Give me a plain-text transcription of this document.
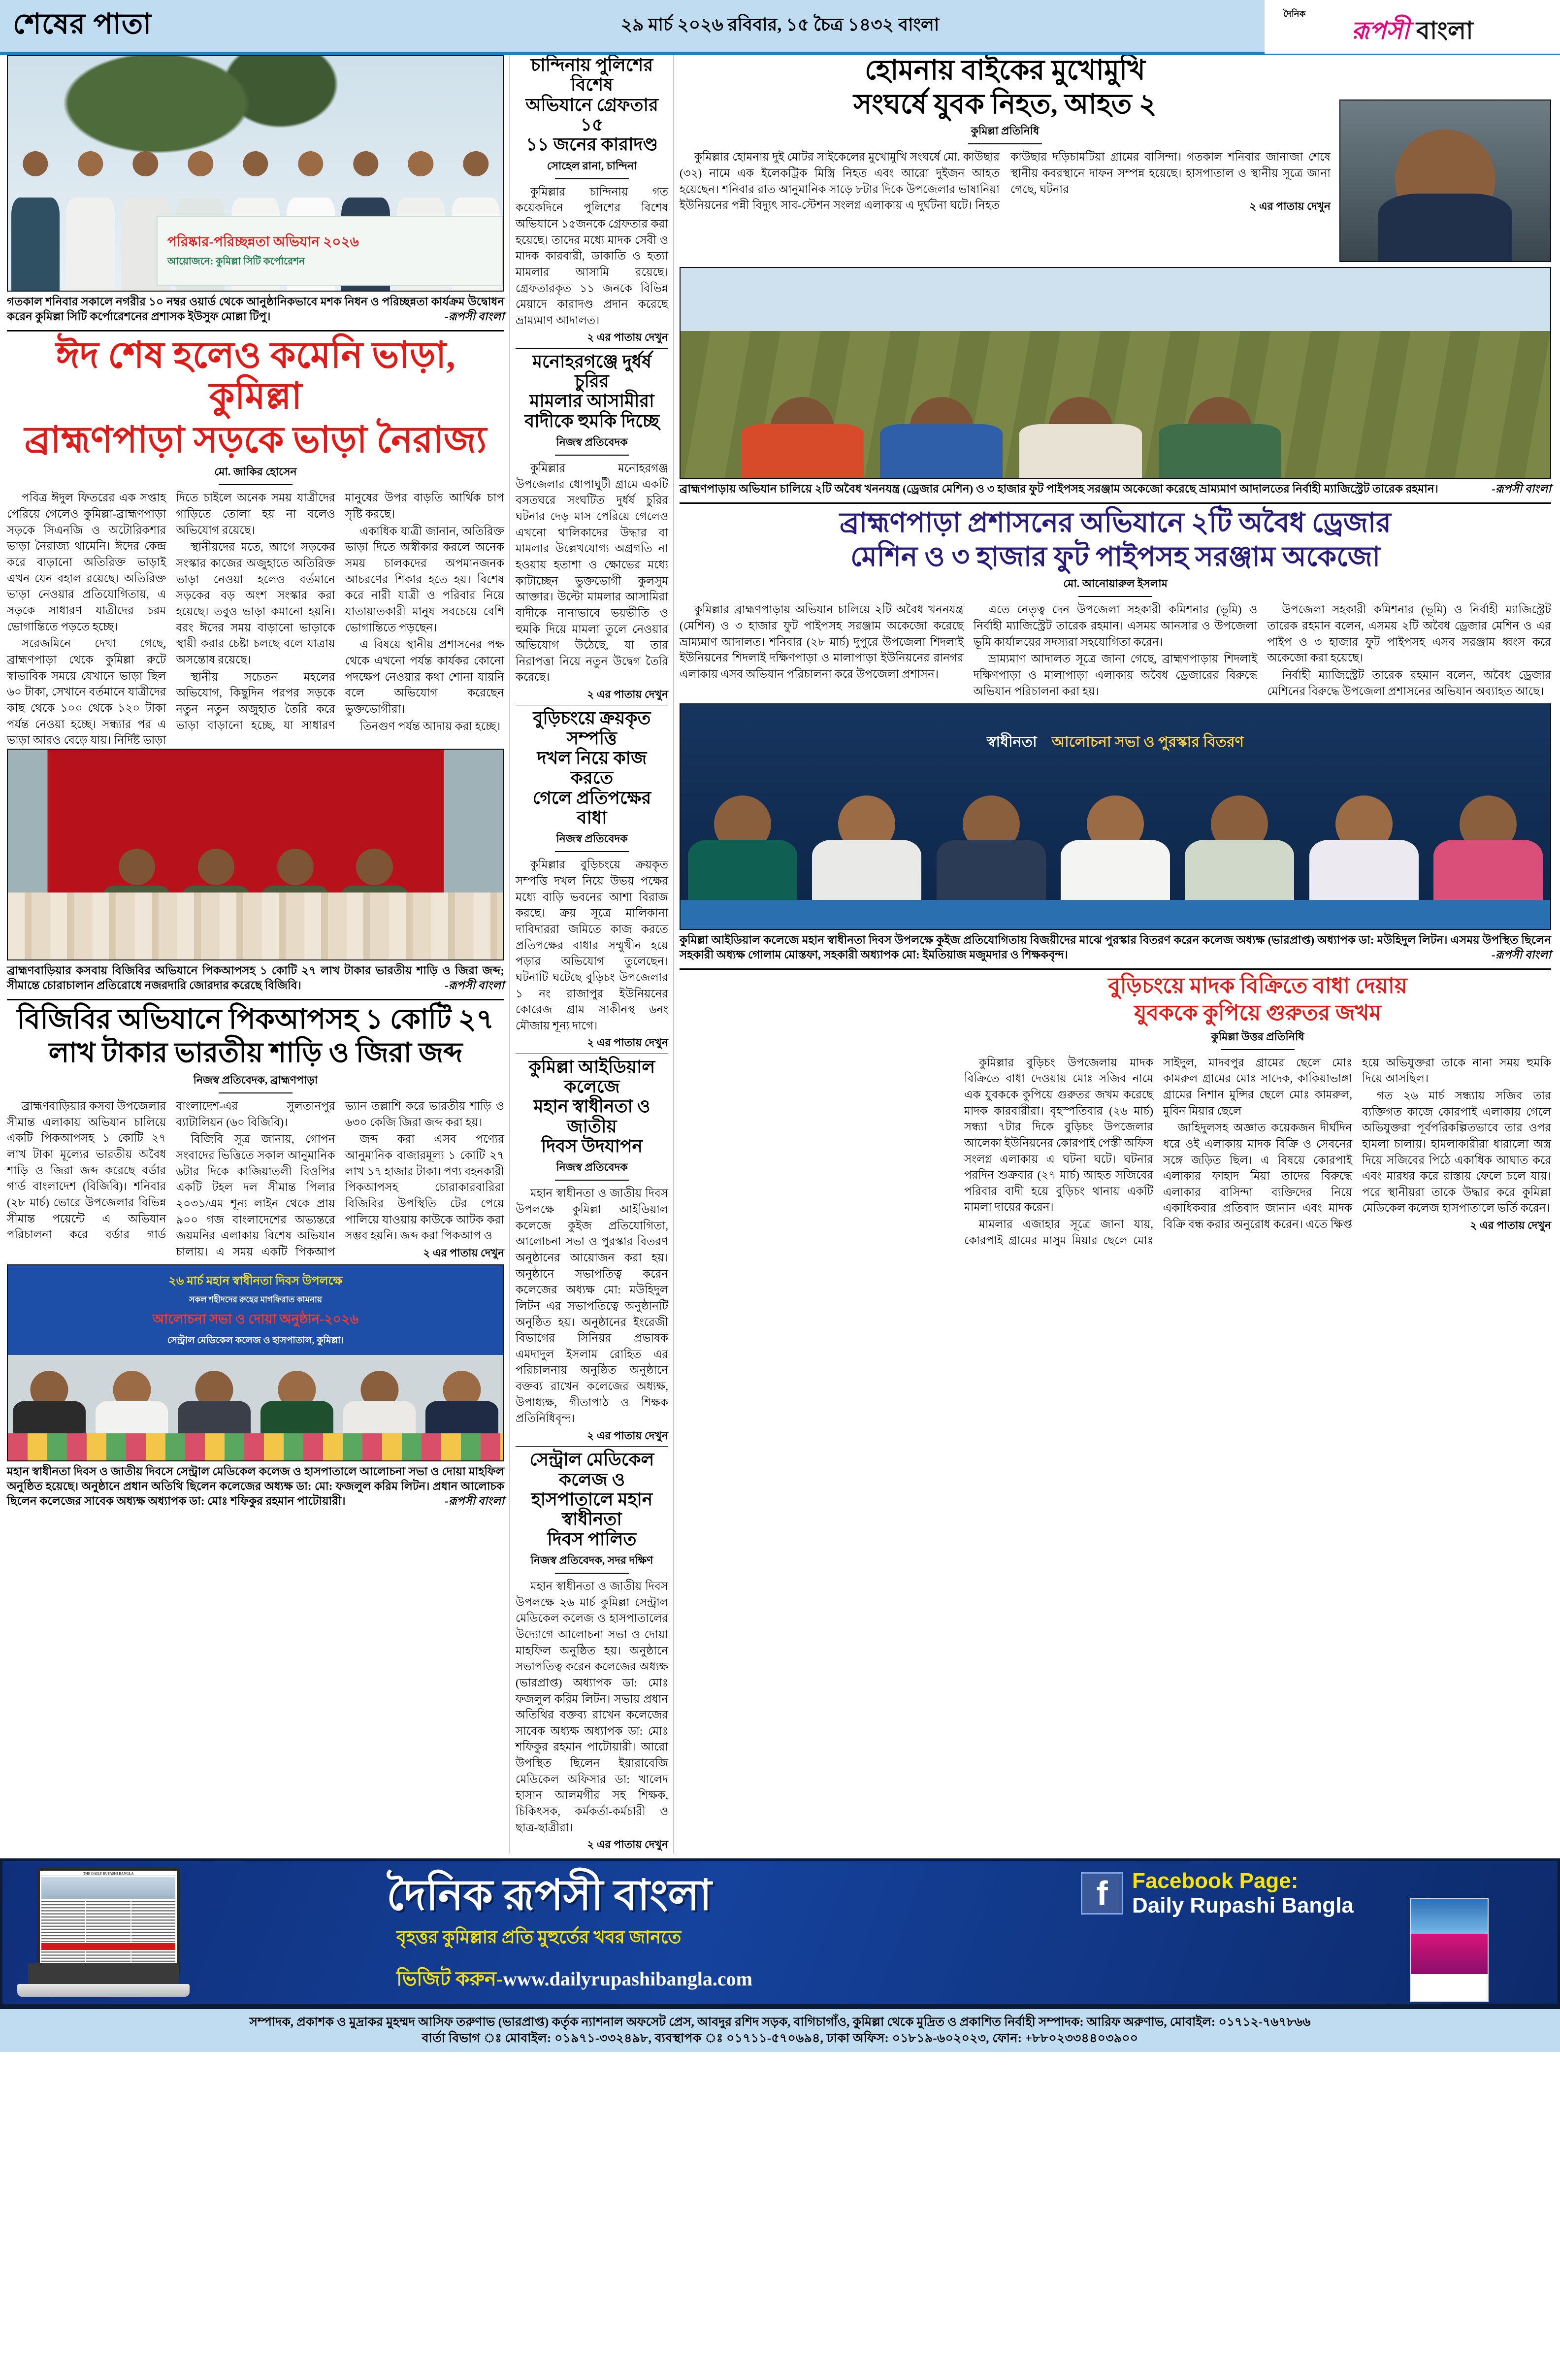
শেষের পাতা	২৯ মার্চ ২০২৬ রবিবার, ১৫ চৈত্র ১৪৩২ বাংলা
দৈনিক
রূপসী বাংলা
পরিষ্কার-পরিচ্ছন্নতা অভিযান ২০২৬
আয়োজনে: কুমিল্লা সিটি কর্পোরেশন
গতকাল শনিবার সকালে নগরীর ১০ নম্বর ওয়ার্ড থেকে আনুষ্ঠানিকভাবে মশক নিধন ও পরিচ্ছন্নতা কার্যক্রম উদ্বোধন করেন কুমিল্লা সিটি কর্পোরেশনের প্রশাসক ইউসুফ মোল্লা টিপু।	-রূপসী বাংলা
ঈদ শেষ হলেও কমেনি ভাড়া, কুমিল্লা
ব্রাহ্মণপাড়া সড়কে ভাড়া নৈরাজ্য
মো. জাকির হোসেন

পবিত্র ঈদুল ফিতরের এক সপ্তাহ পেরিয়ে গেলেও কুমিল্লা-ব্রাহ্মণপাড়া সড়কে সিএনজি ও অটোরিকশার ভাড়া নৈরাজ্য থামেনি। ঈদের কেন্দ্র করে বাড়ানো অতিরিক্ত ভাড়াই এখন যেন বহাল রয়েছে। অতিরিক্ত ভাড়া নেওয়ার প্রতিযোগিতায়, এ সড়কে সাধারণ যাত্রীদের চরম ভোগান্তিতে পড়তে হচ্ছে।

সরেজমিনে দেখা গেছে, ব্রাহ্মণপাড়া থেকে কুমিল্লা রুটে স্বাভাবিক সময়ে যেখানে ভাড়া ছিল ৬০ টাকা, সেখানে বর্তমানে যাত্রীদের কাছ থেকে ১০০ থেকে ১২০ টাকা পর্যন্ত নেওয়া হচ্ছে। সন্ধ্যার পর এ ভাড়া আরও বেড়ে যায়। নির্দিষ্ট ভাড়া দিতে চাইলে অনেক সময় যাত্রীদের গাড়িতে তোলা হয় না বলেও অভিযোগ রয়েছে।

স্থানীয়দের মতে, আগে সড়কের সংস্কার কাজের অজুহাতে অতিরিক্ত ভাড়া নেওয়া হলেও বর্তমানে সড়কের বড় অংশ সংস্কার করা হয়েছে। তবুও ভাড়া কমানো হয়নি। বরং ঈদের সময় বাড়ানো ভাড়াকে স্থায়ী করার চেষ্টা চলছে বলে যাত্রায় অসন্তোষ রয়েছে।

স্থানীয় সচেতন মহলের অভিযোগ, কিছুদিন পরপর সড়কে নতুন নতুন অজুহাত তৈরি করে ভাড়া বাড়ানো হচ্ছে, যা সাধারণ মানুষের উপর বাড়তি আর্থিক চাপ সৃষ্টি করছে।

একাধিক যাত্রী জানান, অতিরিক্ত ভাড়া দিতে অস্বীকার করলে অনেক সময় চালকদের অপমানজনক আচরণের শিকার হতে হয়। বিশেষ করে নারী যাত্রী ও পরিবার নিয়ে যাতায়াতকারী মানুষ সবচেয়ে বেশি ভোগান্তিতে পড়ছেন।

এ বিষয়ে স্থানীয় প্রশাসনের পক্ষ থেকে এখনো পর্যন্ত কার্যকর কোনো পদক্ষেপ নেওয়ার কথা শোনা যায়নি বলে অভিযোগ করেছেন ভুক্তভোগীরা।

তিনগুণ পর্যন্ত আদায় করা হচ্ছে।

ব্রাহ্মণবাড়িয়ার কসবায় বিজিবির অভিযানে পিকআপসহ ১ কোটি ২৭ লাখ টাকার ভারতীয় শাড়ি ও জিরা জব্দ; সীমান্তে চোরাচালান প্রতিরোধে নজরদারি জোরদার করেছে বিজিবি।	-রূপসী বাংলা
বিজিবির অভিযানে পিকআপসহ ১ কোটি ২৭
লাখ টাকার ভারতীয় শাড়ি ও জিরা জব্দ
নিজস্ব প্রতিবেদক, ব্রাহ্মণপাড়া

ব্রাহ্মণবাড়িয়ার কসবা উপজেলার সীমান্ত এলাকায় অভিযান চালিয়ে একটি পিকআপসহ ১ কোটি ২৭ লাখ টাকা মূল্যের ভারতীয় অবৈধ শাড়ি ও জিরা জব্দ করেছে বর্ডার গার্ড বাংলাদেশ (বিজিবি)। শনিবার (২৮ মার্চ) ভোরে উপজেলার বিভিন্ন সীমান্ত পয়েন্টে এ অভিযান পরিচালনা করে বর্ডার গার্ড বাংলাদেশ-এর সুলতানপুর ব্যাটালিয়ন (৬০ বিজিবি)।

বিজিবি সূত্র জানায়, গোপন সংবাদের ভিত্তিতে সকাল আনুমানিক ৬টার দিকে কাজিয়াতলী বিওপির একটি টহল দল সীমান্ত পিলার ২০৩১/এম শূন্য লাইন থেকে প্রায় ৯০০ গজ বাংলাদেশের অভ্যন্তরে জয়মনির এলাকায় বিশেষ অভিযান চালায়। এ সময় একটি পিকআপ ভ্যান তল্লাশি করে ভারতীয় শাড়ি ও ৬৩০ কেজি জিরা জব্দ করা হয়।

জব্দ করা এসব পণ্যের আনুমানিক বাজারমূল্য ১ কোটি ২৭ লাখ ১৭ হাজার টাকা। পণ্য বহনকারী পিকআপসহ চোরাকারবারিরা বিজিবির উপস্থিতি টের পেয়ে পালিয়ে যাওয়ায় কাউকে আটক করা সম্ভব হয়নি। জব্দ করা পিকআপ ও

২ এর পাতায় দেখুন

২৬ মার্চ মহান স্বাধীনতা দিবস উপলক্ষে
সকল শহীদদের রুহের মাগফিরাত কামনায়
আলোচনা সভা ও দোয়া অনুষ্ঠান-২০২৬
সেন্ট্রাল মেডিকেল কলেজ ও হাসপাতাল, কুমিল্লা।
মহান স্বাধীনতা দিবস ও জাতীয় দিবসে সেন্ট্রাল মেডিকেল কলেজ ও হাসপাতালে আলোচনা সভা ও দোয়া মাহফিল অনুষ্ঠিত হয়েছে। অনুষ্ঠানে প্রধান অতিথি ছিলেন কলেজের অধ্যক্ষ ডা: মো: ফজলুল করিম লিটন। প্রধান আলোচক ছিলেন কলেজের সাবেক অধ্যক্ষ অধ্যাপক ডা: মোঃ শফিকুর রহমান পাটোয়ারী।	-রূপসী বাংলা
চান্দিনায় পুলিশের বিশেষ
অভিযানে গ্রেফতার ১৫
১১ জনের কারাদণ্ড
সোহেল রানা, চান্দিনা

কুমিল্লার চান্দিনায় গত কয়েকদিনে পুলিশের বিশেষ অভিযানে ১৫জনকে গ্রেফতার করা হয়েছে। তাদের মধ্যে মাদক সেবী ও মাদক কারবারী, ডাকাতি ও হত্যা মামলার আসামি রয়েছে। গ্রেফতারকৃত ১১ জনকে বিভিন্ন মেয়াদে কারাদণ্ড প্রদান করেছে ভ্রাম্যমাণ আদালত।

২ এর পাতায় দেখুন

মনোহরগঞ্জে দুর্ধর্ষ চুরির
মামলার আসামীরা
বাদীকে হুমকি দিচ্ছে
নিজস্ব প্রতিবেদক

কুমিল্লার মনোহরগঞ্জ উপজেলার ধোপাঘুটী গ্রামে একটি বসতঘরে সংঘটিত দুর্ধর্ষ চুরির ঘটনার দেড় মাস পেরিয়ে গেলেও এখনো থালিকাদের উদ্ধার বা মামলার উল্লেখযোগ্য অগ্রগতি না হওয়ায় হতাশা ও ক্ষোভের মধ্যে কাটাচ্ছেন ভুক্তভোগী কুলসুম আক্তার। উল্টো মামলার আসামিরা বাদীকে নানাভাবে ভয়ভীতি ও হুমকি দিয়ে মামলা তুলে নেওয়ার অভিযোগ উঠেছে, যা তার নিরাপত্তা নিয়ে নতুন উদ্বেগ তৈরি করেছে।

২ এর পাতায় দেখুন

বুড়িচংয়ে ক্রয়কৃত সম্পত্তি
দখল নিয়ে কাজ করতে
গেলে প্রতিপক্ষের বাধা
নিজস্ব প্রতিবেদক

কুমিল্লার বুড়িচংয়ে ক্রয়কৃত সম্পত্তি দখল নিয়ে উভয় পক্ষের মধ্যে বাড়ি ভবনের আশা বিরাজ করছে। ক্রয় সূত্রে মালিকানা দাবিদাররা জমিতে কাজ করতে প্রতিপক্ষের বাধার সম্মুখীন হয়ে পড়ার অভিযোগ তুলেছেন। ঘটনাটি ঘটেছে বুড়িচং উপজেলার ১ নং রাজাপুর ইউনিয়নের কোরেজ গ্রাম সাকীনস্থ ৬নং মৌজায় শূন্য দাগে।

২ এর পাতায় দেখুন

কুমিল্লা আইডিয়াল কলেজে
মহান স্বাধীনতা ও জাতীয়
দিবস উদযাপন
নিজস্ব প্রতিবেদক

মহান স্বাধীনতা ও জাতীয় দিবস উপলক্ষে কুমিল্লা আইডিয়াল কলেজে কুইজ প্রতিযোগিতা, আলোচনা সভা ও পুরস্কার বিতরণ অনুষ্ঠানের আয়োজন করা হয়। অনুষ্ঠানে সভাপতিত্ব করেন কলেজের অধ্যক্ষ মো: মউহিদুল লিটন এর সভাপতিত্বে অনুষ্ঠানটি অনুষ্ঠিত হয়। অনুষ্ঠানের ইংরেজী বিভাগের সিনিয়র প্রভাষক এমদাদুল ইসলাম রোহিত এর পরিচালনায় অনুষ্ঠিত অনুষ্ঠানে বক্তব্য রাখেন কলেজের অধ্যক্ষ, উপাধ্যক্ষ, গীতাপাঠ ও শিক্ষক প্রতিনিধিবৃন্দ।

২ এর পাতায় দেখুন

সেন্ট্রাল মেডিকেল কলেজ ও
হাসপাতালে মহান স্বাধীনতা
দিবস পালিত
নিজস্ব প্রতিবেদক, সদর দক্ষিণ

মহান স্বাধীনতা ও জাতীয় দিবস উপলক্ষে ২৬ মার্চ কুমিল্লা সেন্ট্রাল মেডিকেল কলেজ ও হাসপাতালের উদ্যোগে আলোচনা সভা ও দোয়া মাহফিল অনুষ্ঠিত হয়। অনুষ্ঠানে সভাপতিত্ব করেন কলেজের অধ্যক্ষ (ভারপ্রাপ্ত) অধ্যাপক ডা: মোঃ ফজলুল করিম লিটন। সভায় প্রধান অতিথির বক্তব্য রাখেন কলেজের সাবেক অধ্যক্ষ অধ্যাপক ডা: মোঃ শফিকুর রহমান পাটোয়ারী। আরো উপস্থিত ছিলেন ইয়ারাবেজি মেডিকেল অফিসার ডা: খালেদ হাসান আলমগীর সহ শিক্ষক, চিকিৎসক, কর্মকর্তা-কর্মচারী ও ছাত্র-ছাত্রীরা।

২ এর পাতায় দেখুন

হোমনায় বাইকের মুখোমুখি
সংঘর্ষে যুবক নিহত, আহত ২
কুমিল্লা প্রতিনিধি

কুমিল্লার হোমনায় দুই মোটর সাইকেলের মুখোমুখি সংঘর্ষে মো. কাউছার (৩২) নামে এক ইলেকট্রিক মিস্ত্রি নিহত এবং আরো দুইজন আহত হয়েছেন। শনিবার রাত আনুমানিক সাড়ে ৮টার দিকে উপজেলার ভাষানিয়া ইউনিয়নের পন্নী বিদ্যুৎ সাব-স্টেশন সংলগ্ন এলাকায় এ দুর্ঘটনা ঘটে। নিহত কাউছার দড়িচামটিয়া গ্রামের বাসিন্দা। গতকাল শনিবার জানাজা শেষে স্থানীয় কবরস্থানে দাফন সম্পন্ন হয়েছে। হাসপাতাল ও স্থানীয় সূত্রে জানা গেছে, ঘটনার

২ এর পাতায় দেখুন

ব্রাহ্মণপাড়ায় অভিযান চালিয়ে ২টি অবৈধ খননযন্ত্র (ড্রেজার মেশিন) ও ৩ হাজার ফুট পাইপসহ সরঞ্জাম অকেজো করেছে ভ্রাম্যমাণ আদালতের নির্বাহী ম্যাজিস্ট্রেট তারেক রহমান।	-রূপসী বাংলা
ব্রাহ্মণপাড়া প্রশাসনের অভিযানে ২টি অবৈধ ড্রেজার
মেশিন ও ৩ হাজার ফুট পাইপসহ সরঞ্জাম অকেজো
মো. আনোয়ারুল ইসলাম

কুমিল্লার ব্রাহ্মণপাড়ায় অভিযান চালিয়ে ২টি অবৈধ খননযন্ত্র (মেশিন) ও ৩ হাজার ফুট পাইপসহ সরঞ্জাম অকেজো করেছে ভ্রাম্যমাণ আদালত। শনিবার (২৮ মার্চ) দুপুরে উপজেলা শিদলাই ইউনিয়নের শিদলাই দক্ষিণপাড়া ও মালাপাড়া ইউনিয়নের রানগর এলাকায় এসব অভিযান পরিচালনা করে উপজেলা প্রশাসন।

এতে নেতৃত্ব দেন উপজেলা সহকারী কমিশনার (ভূমি) ও নির্বাহী ম্যাজিস্ট্রেট তারেক রহমান। এসময় আনসার ও উপজেলা ভূমি কার্যালয়ের সদস্যরা সহযোগিতা করেন।

ভ্রাম্যমাণ আদালত সূত্রে জানা গেছে, ব্রাহ্মণপাড়ায় শিদলাই দক্ষিণপাড়া ও মালাপাড়া এলাকায় অবৈধ ড্রেজারের বিরুদ্ধে অভিযান পরিচালনা করা হয়।

উপজেলা সহকারী কমিশনার (ভূমি) ও নির্বাহী ম্যাজিস্ট্রেট তারেক রহমান বলেন, এসময় ২টি অবৈধ ড্রেজার মেশিন ও এর পাইপ ও ৩ হাজার ফুট পাইপসহ এসব সরঞ্জাম ধ্বংস করে অকেজো করা হয়েছে।

নির্বাহী ম্যাজিস্ট্রেট তারেক রহমান বলেন, অবৈধ ড্রেজার মেশিনের বিরুদ্ধে উপজেলা প্রশাসনের অভিযান অব্যাহত আছে।

স্বাধীনতা আলোচনা সভা ও পুরস্কার বিতরণ
কুমিল্লা আইডিয়াল কলেজে মহান স্বাধীনতা দিবস উপলক্ষে কুইজ প্রতিযোগিতায় বিজয়ীদের মাঝে পুরস্কার বিতরণ করেন কলেজ অধ্যক্ষ (ভারপ্রাপ্ত) অধ্যাপক ডা: মউহিদুল লিটন। এসময় উপস্থিত ছিলেন সহকারী অধ্যক্ষ গোলাম মোস্তফা, সহকারী অধ্যাপক মো: ইমতিয়াজ মজুমদার ও শিক্ষকবৃন্দ।	-রূপসী বাংলা
বুড়িচংয়ে মাদক বিক্রিতে বাধা দেয়ায়
যুবককে কুপিয়ে গুরুতর জখম
কুমিল্লা উত্তর প্রতিনিধি

কুমিল্লার বুড়িচং উপজেলায় মাদক বিক্রিতে বাধা দেওয়ায় মোঃ সজিব নামে এক যুবককে কুপিয়ে গুরুতর জখম করেছে মাদক কারবারীরা। বৃহস্পতিবার (২৬ মার্চ) সন্ধ্যা ৭টার দিকে বুড়িচং উপজেলার আলেকা ইউনিয়নের কোরপাই পেস্তী অফিস সংলগ্ন এলাকায় এ ঘটনা ঘটে। ঘটনার পরদিন শুক্রবার (২৭ মার্চ) আহত সজিবের পরিবার বাদী হয়ে বুড়িচং থানায় একটি মামলা দায়ের করেন।

মামলার এজাহার সূত্রে জানা যায়, কোরপাই গ্রামের মাসুম মিয়ার ছেলে মোঃ সাইদুল, মাদবপুর গ্রামের ছেলে মোঃ কামরুল গ্রামের মোঃ সাদেক, কাকিয়াভাঙ্গা গ্রামের নিশান মুন্সির ছেলে মোঃ কামরুল, মুবিন মিয়ার ছেলে

জাহিদুলসহ অজ্ঞাত কয়েকজন দীর্ঘদিন ধরে ওই এলাকায় মাদক বিক্রি ও সেবনের সঙ্গে জড়িত ছিল। এ বিষয়ে কোরপাই এলাকার ফাহাদ মিয়া তাদের বিরুদ্ধে এলাকার বাসিন্দা ব্যক্তিদের নিয়ে একাধিকবার প্রতিবাদ জানান এবং মাদক বিক্রি বন্ধ করার অনুরোধ করেন। এতে ক্ষিপ্ত হয়ে অভিযুক্তরা তাকে নানা সময় হুমকি দিয়ে আসছিল।

গত ২৬ মার্চ সন্ধ্যায় সজিব তার ব্যক্তিগত কাজে কোরপাই এলাকায় গেলে অভিযুক্তরা পূর্বপরিকল্পিতভাবে তার ওপর হামলা চালায়। হামলাকারীরা ধারালো অস্ত্র দিয়ে সজিবের পিঠে একাধিক আঘাত করে এবং মারধর করে রাস্তায় ফেলে চলে যায়। পরে স্থানীয়রা তাকে উদ্ধার করে কুমিল্লা মেডিকেল কলেজ হাসপাতালে ভর্তি করেন।

২ এর পাতায় দেখুন

THE DAILY RUPASHI BANGLA	দৈনিক রূপসী বাংলা
বৃহত্তর কুমিল্লার প্রতি মুহুর্তের খবর জানতে
ভিজিট করুন-www.dailyrupashibangla.com
f	Facebook Page:
Daily Rupashi Bangla
সম্পাদক, প্রকাশক ও মুদ্রাকর মুহম্মদ আসিফ তরুণাভ (ভারপ্রাপ্ত) কর্তৃক ন্যাশনাল অফসেট প্রেস, আবদুর রশিদ সড়ক, বাগিচাগাঁও, কুমিল্লা থেকে মুদ্রিত ও প্রকাশিত নির্বাহী সম্পাদক: আরিফ অরুণাভ, মোবাইল: ০১৭১২-৭৬৭৮৬৬
বার্তা বিভাগ ঃ মোবাইল: ০১৯৭১-৩৩২৪৯৮, ব্যবস্থাপক ঃ ০১৭১১-৫৭০৬৯৪, ঢাকা অফিস: ০১৮১৯-৬০২০২৩, ফোন: +৮৮০২৩৩৪৪০৩৯০০
